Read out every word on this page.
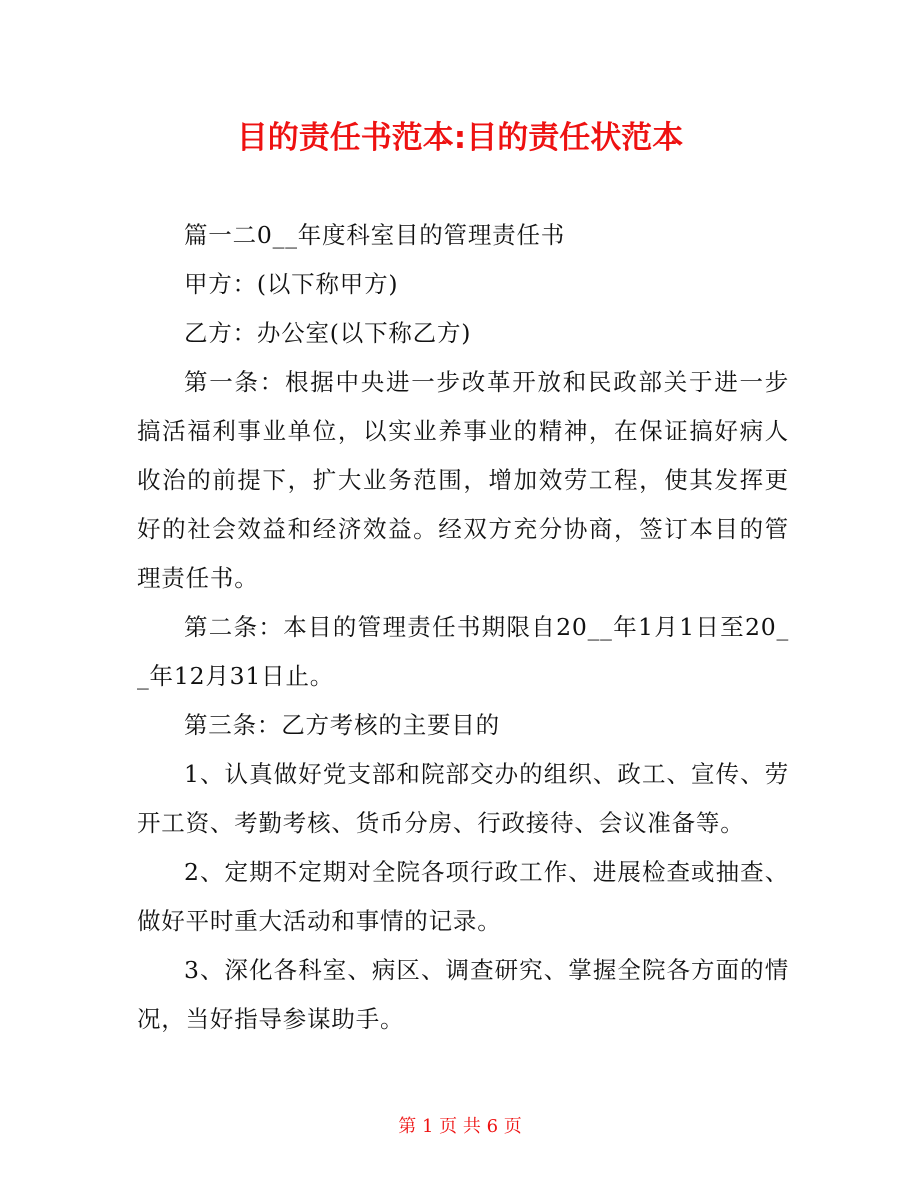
目的责任书范本:目的责任状范本

篇一二0__年度科室目的管理责任书

甲方：(以下称甲方)

乙方：办公室(以下称乙方)

第一条：根据中央进一步改革开放和民政部关于进一步搞活福利事业单位，以实业养事业的精神，在保证搞好病人收治的前提下，扩大业务范围，增加效劳工程，使其发挥更好的社会效益和经济效益。经双方充分协商，签订本目的管理责任书。

第二条：本目的管理责任书期限自20__年1月1日至20__年12月31日止。

第三条：乙方考核的主要目的

1、认真做好党支部和院部交办的组织、政工、宣传、劳开工资、考勤考核、货币分房、行政接待、会议准备等。

2、定期不定期对全院各项行政工作、进展检查或抽查、做好平时重大活动和事情的记录。

3、深化各科室、病区、调查研究、掌握全院各方面的情况，当好指导参谋助手。

第 1 页 共 6 页
